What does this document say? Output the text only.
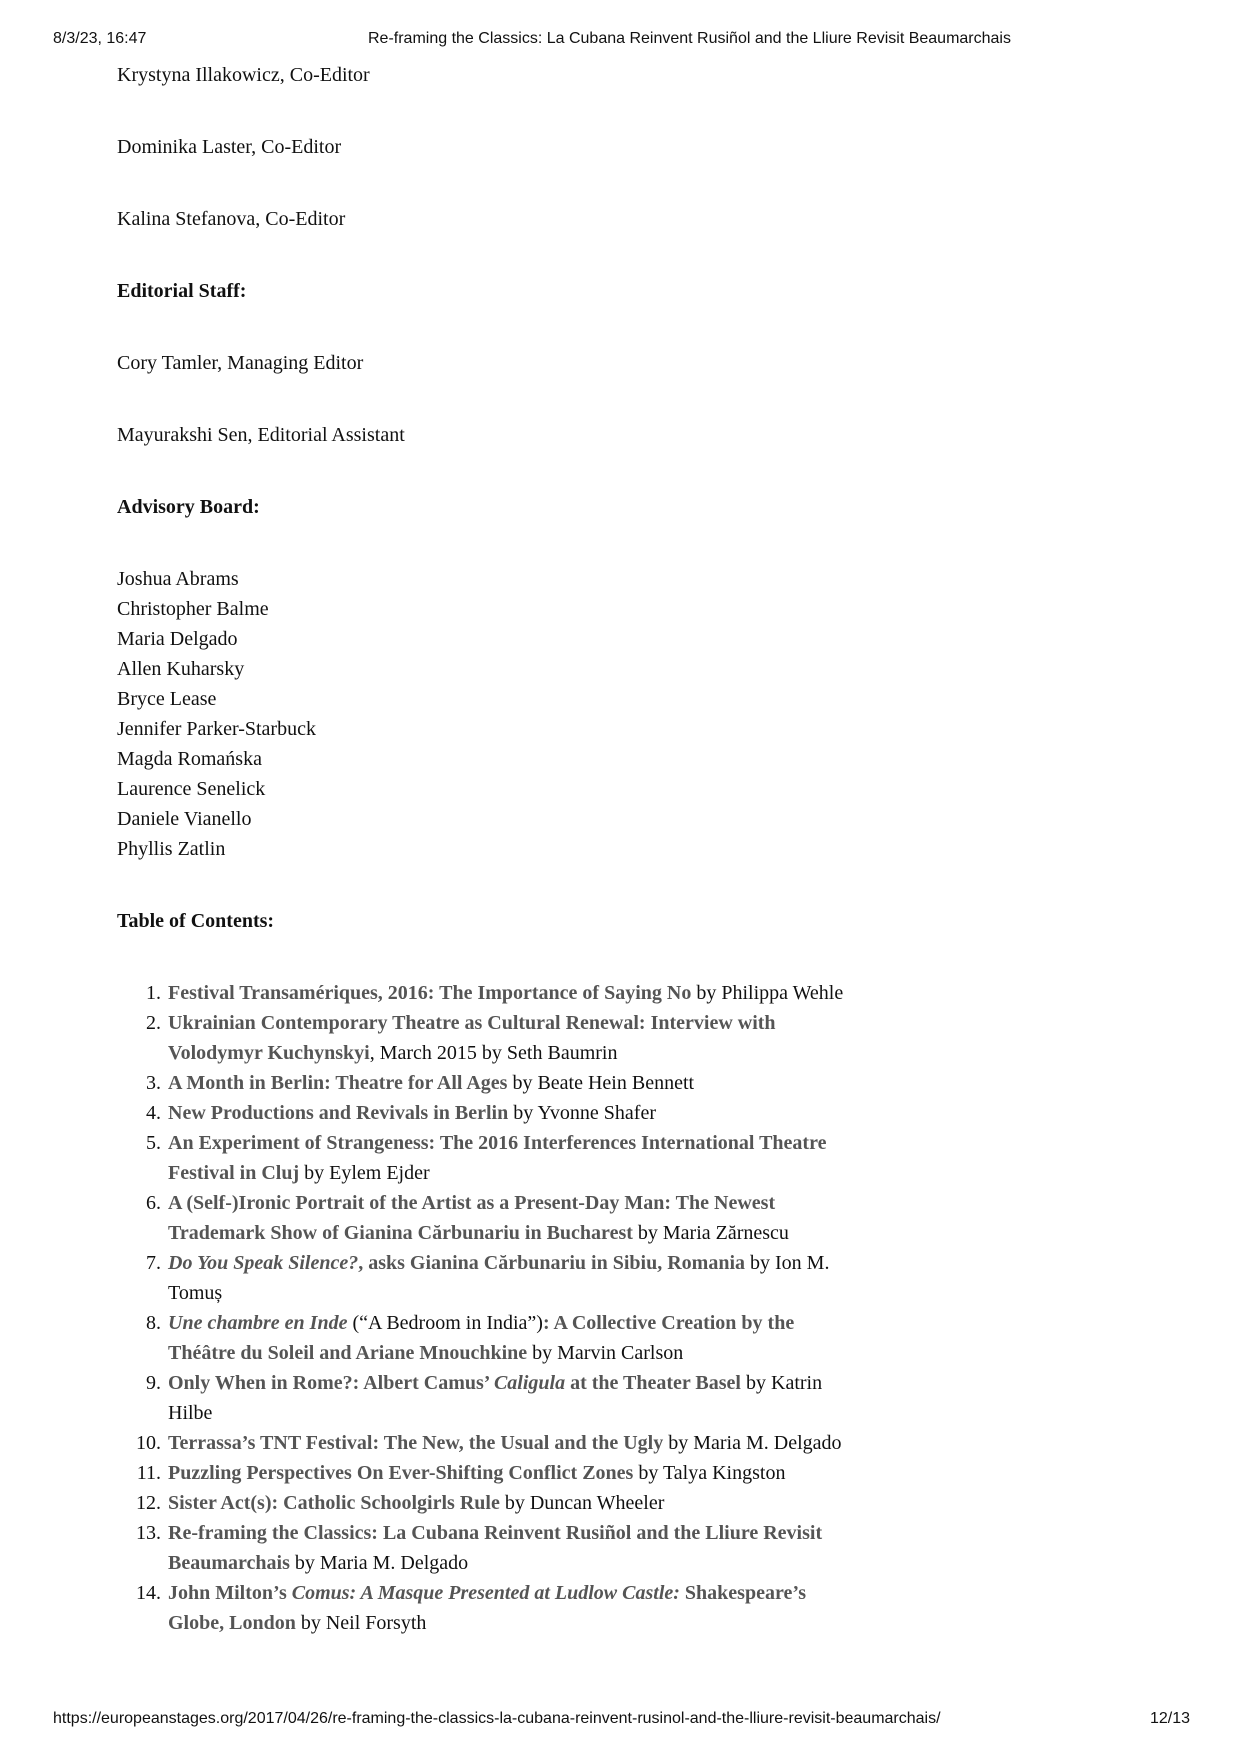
8/3/23, 16:47	Re-framing the Classics: La Cubana Reinvent Rusiñol and the Lliure Revisit Beaumarchais

Krystyna Illakowicz, Co-Editor

Dominika Laster, Co-Editor

Kalina Stefanova, Co-Editor

Editorial Staff:

Cory Tamler, Managing Editor

Mayurakshi Sen, Editorial Assistant

Advisory Board:

Joshua Abrams
Christopher Balme
Maria Delgado
Allen Kuharsky
Bryce Lease
Jennifer Parker-Starbuck
Magda Romańska
Laurence Senelick
Daniele Vianello
Phyllis Zatlin

Table of Contents:

1. Festival Transamériques, 2016: The Importance of Saying No by Philippa Wehle
2. Ukrainian Contemporary Theatre as Cultural Renewal: Interview with Volodymyr Kuchynskyi, March 2015 by Seth Baumrin
3. A Month in Berlin: Theatre for All Ages by Beate Hein Bennett
4. New Productions and Revivals in Berlin by Yvonne Shafer
5. An Experiment of Strangeness: The 2016 Interferences International Theatre Festival in Cluj by Eylem Ejder
6. A (Self-)Ironic Portrait of the Artist as a Present-Day Man: The Newest Trademark Show of Gianina Cărbunariu in Bucharest by Maria Zărnescu
7. Do You Speak Silence?, asks Gianina Cărbunariu in Sibiu, Romania by Ion M. Tomuș
8. Une chambre en Inde (“A Bedroom in India”): A Collective Creation by the Théâtre du Soleil and Ariane Mnouchkine by Marvin Carlson
9. Only When in Rome?: Albert Camus’ Caligula at the Theater Basel by Katrin Hilbe
10. Terrassa’s TNT Festival: The New, the Usual and the Ugly by Maria M. Delgado
11. Puzzling Perspectives On Ever-Shifting Conflict Zones by Talya Kingston
12. Sister Act(s): Catholic Schoolgirls Rule by Duncan Wheeler
13. Re-framing the Classics: La Cubana Reinvent Rusiñol and the Lliure Revisit Beaumarchais by Maria M. Delgado
14. John Milton’s Comus: A Masque Presented at Ludlow Castle: Shakespeare’s Globe, London by Neil Forsyth
https://europeanstages.org/2017/04/26/re-framing-the-classics-la-cubana-reinvent-rusinol-and-the-lliure-revisit-beaumarchais/	12/13
